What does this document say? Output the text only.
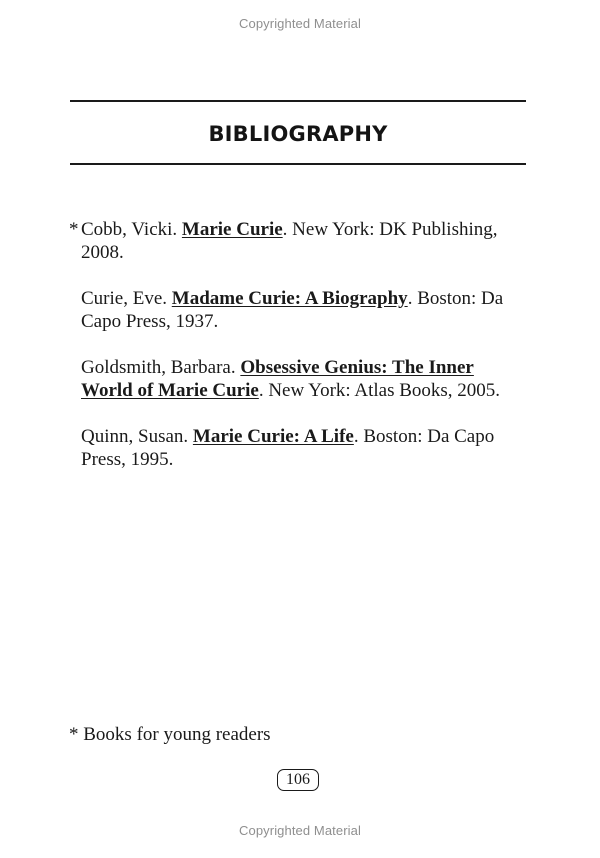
Copyrighted Material
BIBLIOGRAPHY
* Cobb, Vicki. Marie Curie. New York: DK Publishing, 2008.
Curie, Eve. Madame Curie: A Biography. Boston: Da Capo Press, 1937.
Goldsmith, Barbara. Obsessive Genius: The Inner World of Marie Curie. New York: Atlas Books, 2005.
Quinn, Susan. Marie Curie: A Life. Boston: Da Capo Press, 1995.
* Books for young readers
106
Copyrighted Material
